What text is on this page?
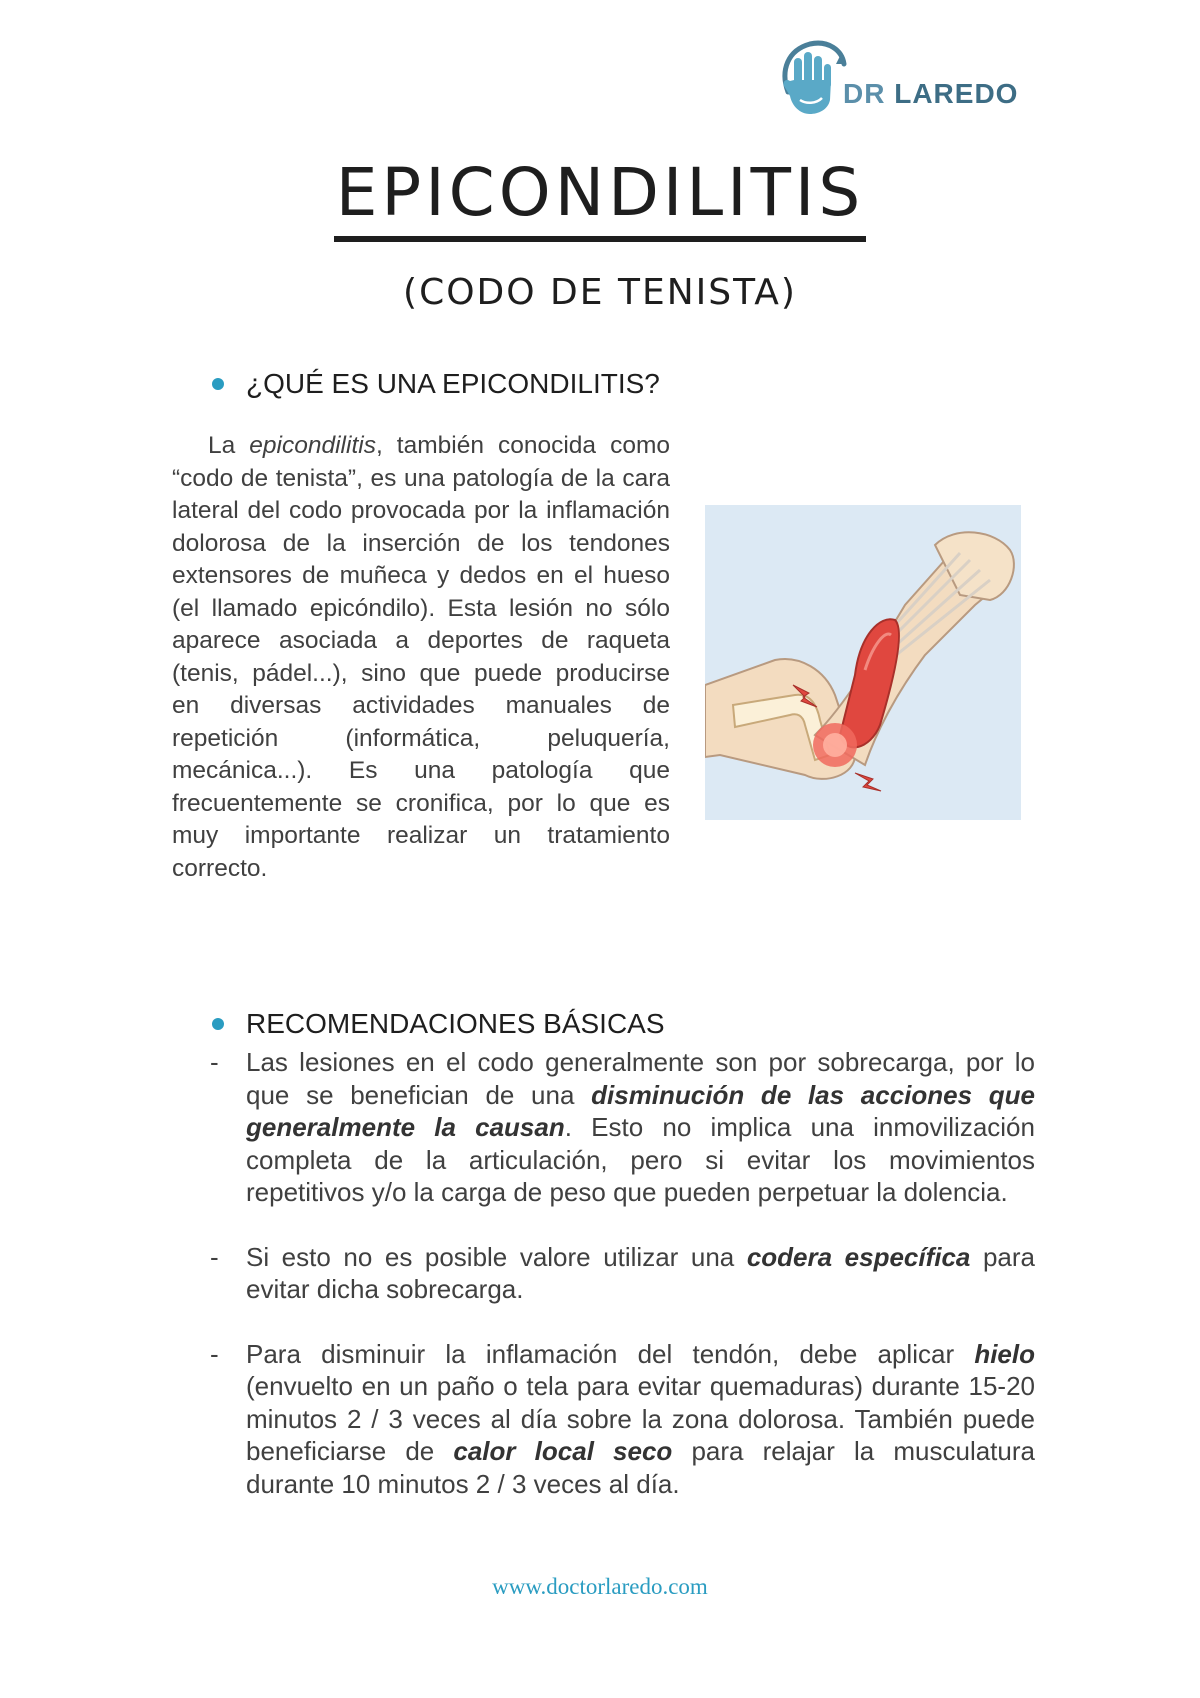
DR LAREDO
EPICONDILITIS
(CODO DE TENISTA)
¿QUÉ ES UNA EPICONDILITIS?

La epicondilitis, también conocida como “codo de tenista”, es una patología de la cara lateral del codo provocada por la inflamación dolorosa de la inserción de los tendones extensores de muñeca y dedos en el hueso (el llamado epicóndilo). Esta lesión no sólo aparece asociada a deportes de raqueta (tenis, pádel...), sino que puede producirse en diversas actividades manuales de repetición (informática, peluquería, mecánica...). Es una patología que frecuentemente se cronifica, por lo que es muy importante realizar un tratamiento correcto.

RECOMENDACIONES BÁSICAS
- Las lesiones en el codo generalmente son por sobrecarga, por lo que se benefician de una disminución de las acciones que generalmente la causan. Esto no implica una inmovilización completa de la articulación, pero si evitar los movimientos repetitivos y/o la carga de peso que pueden perpetuar la dolencia.
- Si esto no es posible valore utilizar una codera específica para evitar dicha sobrecarga.
- Para disminuir la inflamación del tendón, debe aplicar hielo (envuelto en un paño o tela para evitar quemaduras) durante 15-20 minutos 2 / 3 veces al día sobre la zona dolorosa. También puede beneficiarse de calor local seco para relajar la musculatura durante 10 minutos 2 / 3 veces al día.
www.doctorlaredo.com
